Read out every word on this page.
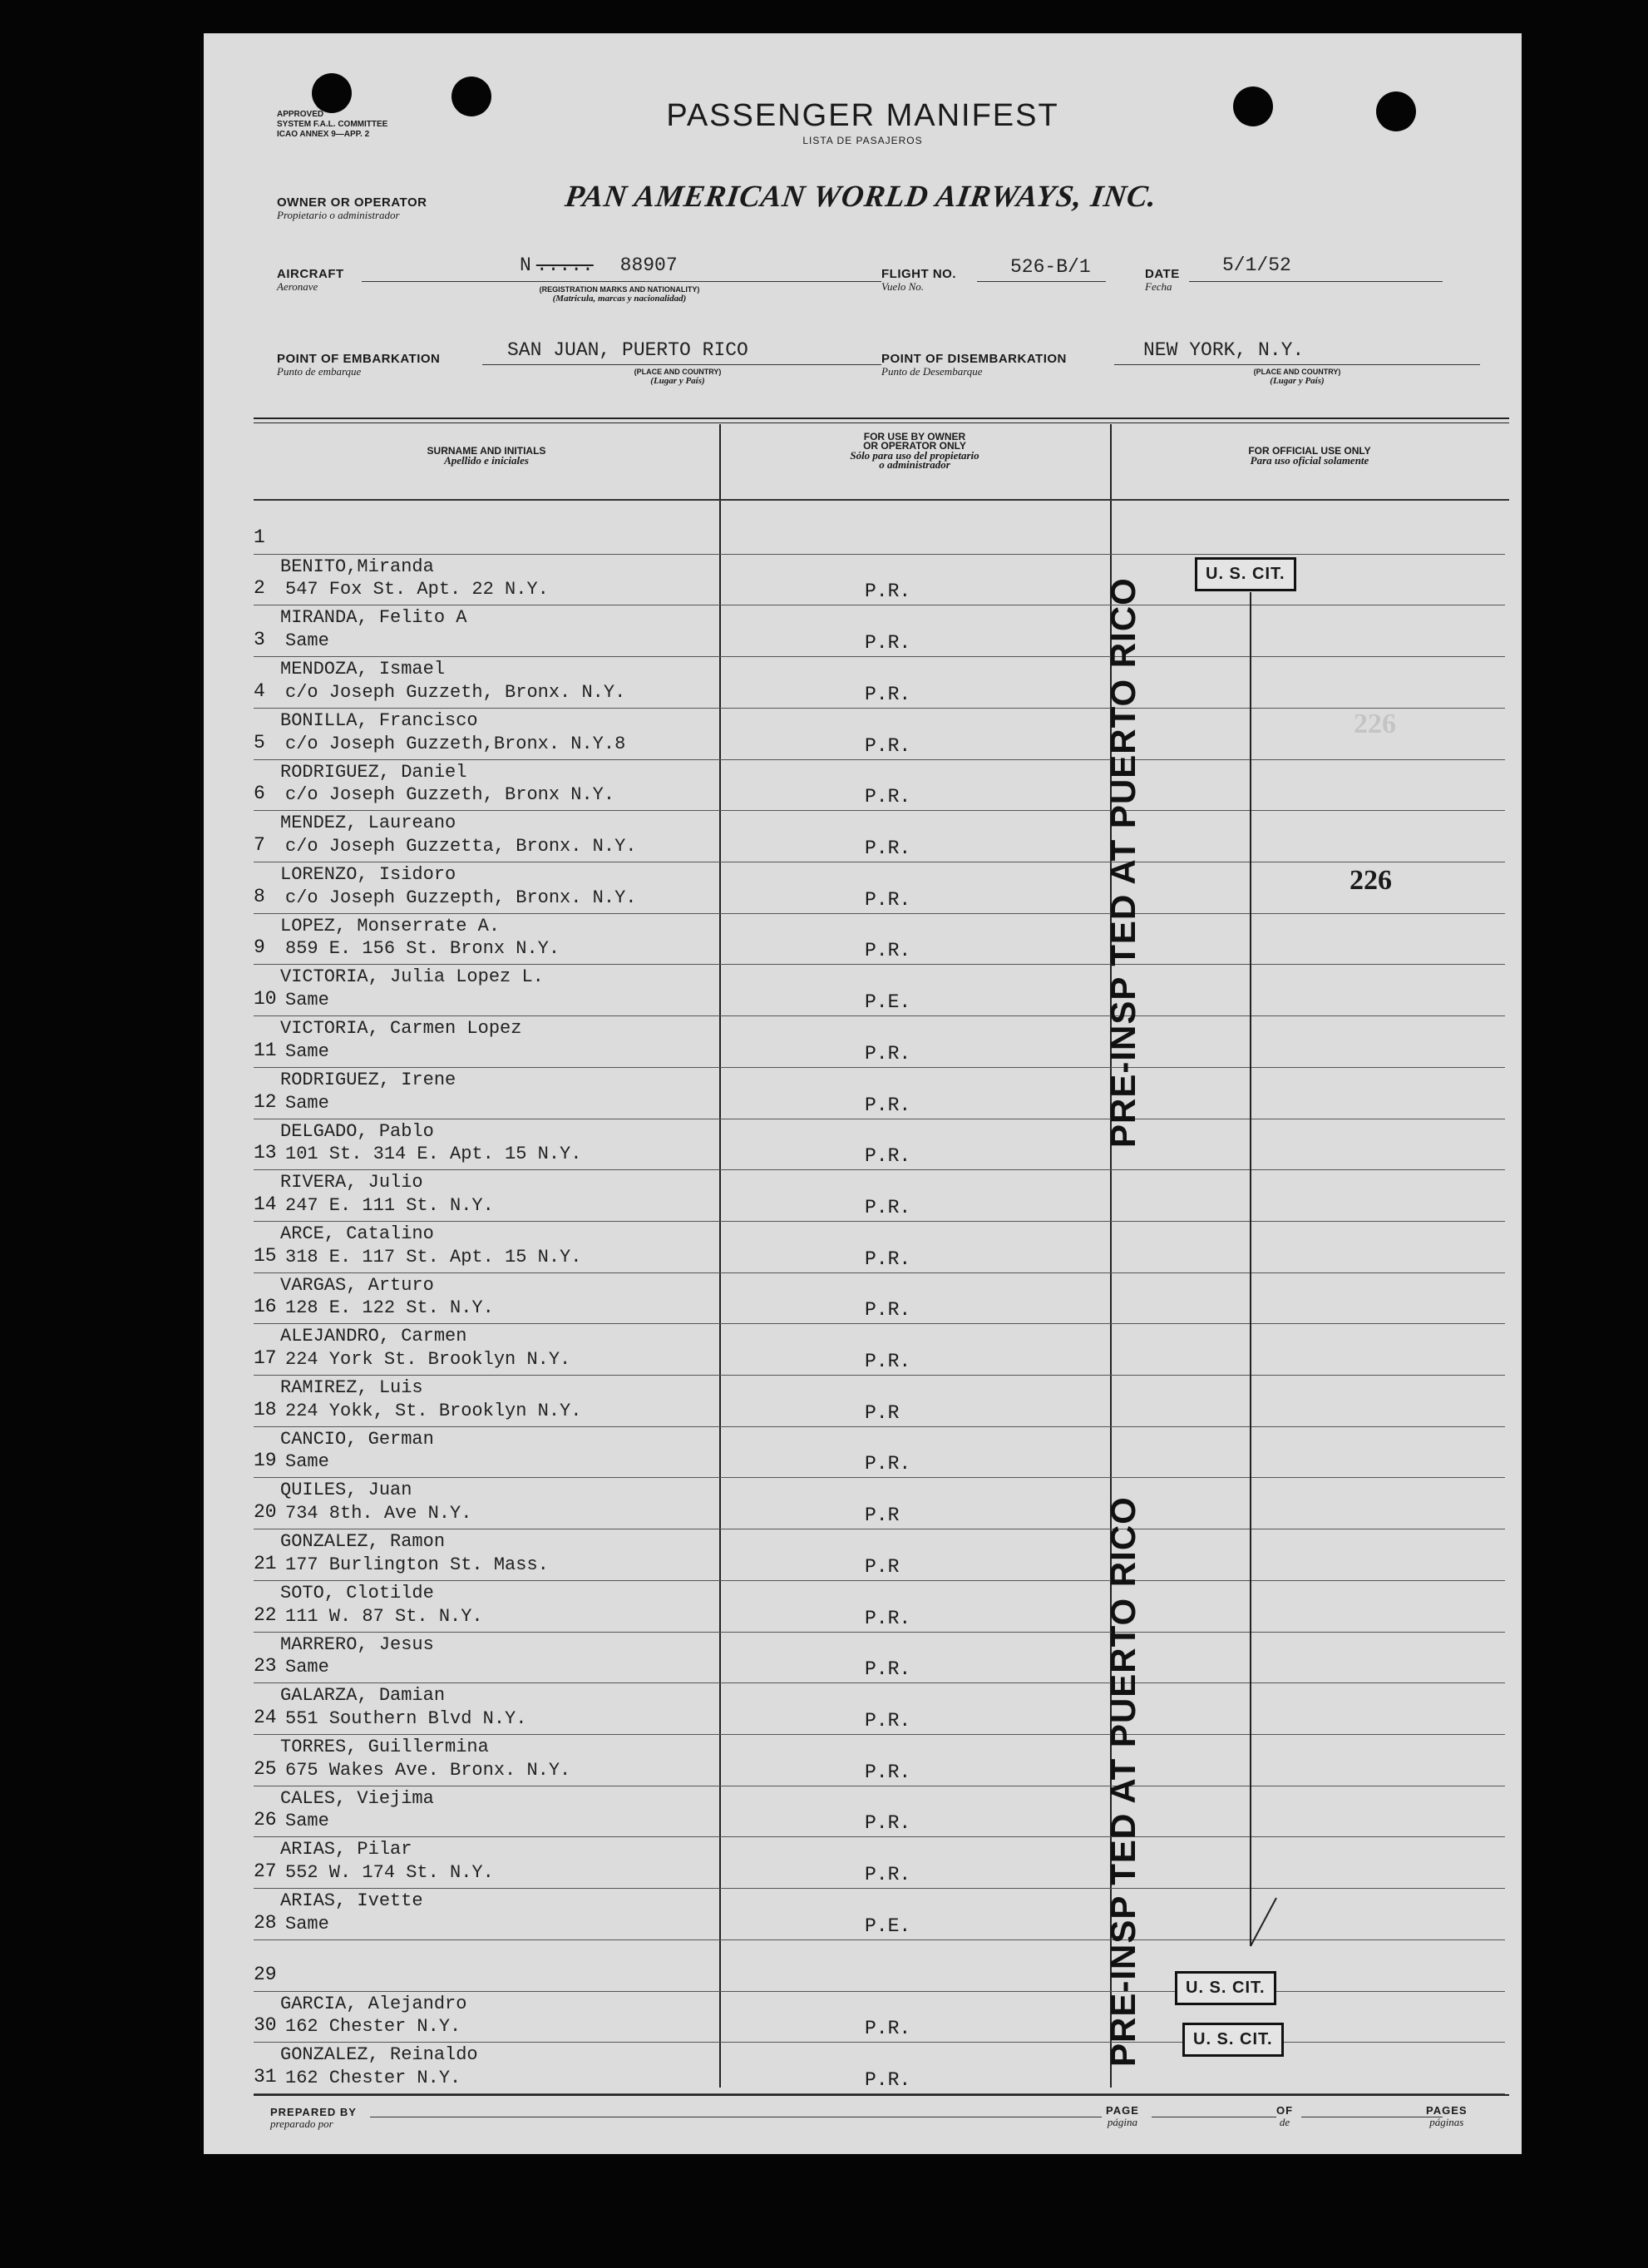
APPROVED
SYSTEM F.A.L. COMMITTEE
ICAO ANNEX 9—APP. 2
PASSENGER MANIFEST
LISTA DE PASAJEROS
OWNER OR OPERATOR
Propietario o administrador
PAN AMERICAN WORLD AIRWAYS, INC.
AIRCRAFT
Aeronave
N ..... 88907
(REGISTRATION MARKS AND NATIONALITY)
(Matricula, marcas y nacionalidad)
FLIGHT NO.
Vuelo No.
526-B/1	DATE
Fecha
5/1/52
POINT OF EMBARKATION
Punto de embarque
SAN JUAN, PUERTO RICO
(PLACE AND COUNTRY)
(Lugar y País)
POINT OF DISEMBARKATION
Punto de Desembarque
NEW YORK, N.Y.
(PLACE AND COUNTRY)
(Lugar y País)
SURNAME AND INITIALS
Apellido e iniciales
FOR USE BY OWNER
OR OPERATOR ONLY
Sólo para uso del propietario
o administrador
FOR OFFICIAL USE ONLY
Para uso oficial solamente
1
2
BENITO,Miranda
547 Fox St. Apt. 22 N.Y.	P.R.
3
MIRANDA, Felito A
Same	P.R.
4
MENDOZA, Ismael
c/o Joseph Guzzeth, Bronx. N.Y.	P.R.
5
BONILLA, Francisco
c/o Joseph Guzzeth,Bronx. N.Y.8	P.R.
6
RODRIGUEZ, Daniel
c/o Joseph Guzzeth, Bronx N.Y.	P.R.
7
MENDEZ, Laureano
c/o Joseph Guzzetta, Bronx. N.Y.	P.R.
8
LORENZO, Isidoro
c/o Joseph Guzzepth, Bronx. N.Y.	P.R.
9
LOPEZ, Monserrate A.
859 E. 156 St. Bronx N.Y.	P.R.
10
VICTORIA, Julia Lopez L.
Same	P.E.
11
VICTORIA, Carmen Lopez
Same	P.R.
12
RODRIGUEZ, Irene
Same	P.R.
13
DELGADO, Pablo
101 St. 314 E. Apt. 15 N.Y.	P.R.
14
RIVERA, Julio
247 E. 111 St. N.Y.	P.R.
15
ARCE, Catalino
318 E. 117 St. Apt. 15 N.Y.	P.R.
16
VARGAS, Arturo
128 E. 122 St. N.Y.	P.R.
17
ALEJANDRO, Carmen
224 York St. Brooklyn N.Y.	P.R.
18
RAMIREZ, Luis
224 Yokk, St. Brooklyn N.Y.	P.R
19
CANCIO, German
Same	P.R.
20
QUILES, Juan
734 8th. Ave N.Y.	P.R
21
GONZALEZ, Ramon
177 Burlington St. Mass.	P.R
22
SOTO, Clotilde
111 W. 87 St. N.Y.	P.R.
23
MARRERO, Jesus
Same	P.R.
24
GALARZA, Damian
551 Southern Blvd N.Y.	P.R.
25
TORRES, Guillermina
675 Wakes Ave. Bronx. N.Y.	P.R.
26
CALES, Viejima
Same	P.R.
27
ARIAS, Pilar
552 W. 174 St. N.Y.	P.R.
28
ARIAS, Ivette
Same	P.E.
29
30
GARCIA, Alejandro
162 Chester N.Y.	P.R.
31
GONZALEZ, Reinaldo
162 Chester N.Y.	P.R.
PRE-INSP TED AT PUERTO RICO
PRE-INSP TED AT PUERTO RICO
U. S. CIT.
U. S. CIT.
U. S. CIT.
226
226
PREPARED BY
preparado por
PAGE
página
OF
de
PAGES
páginas
